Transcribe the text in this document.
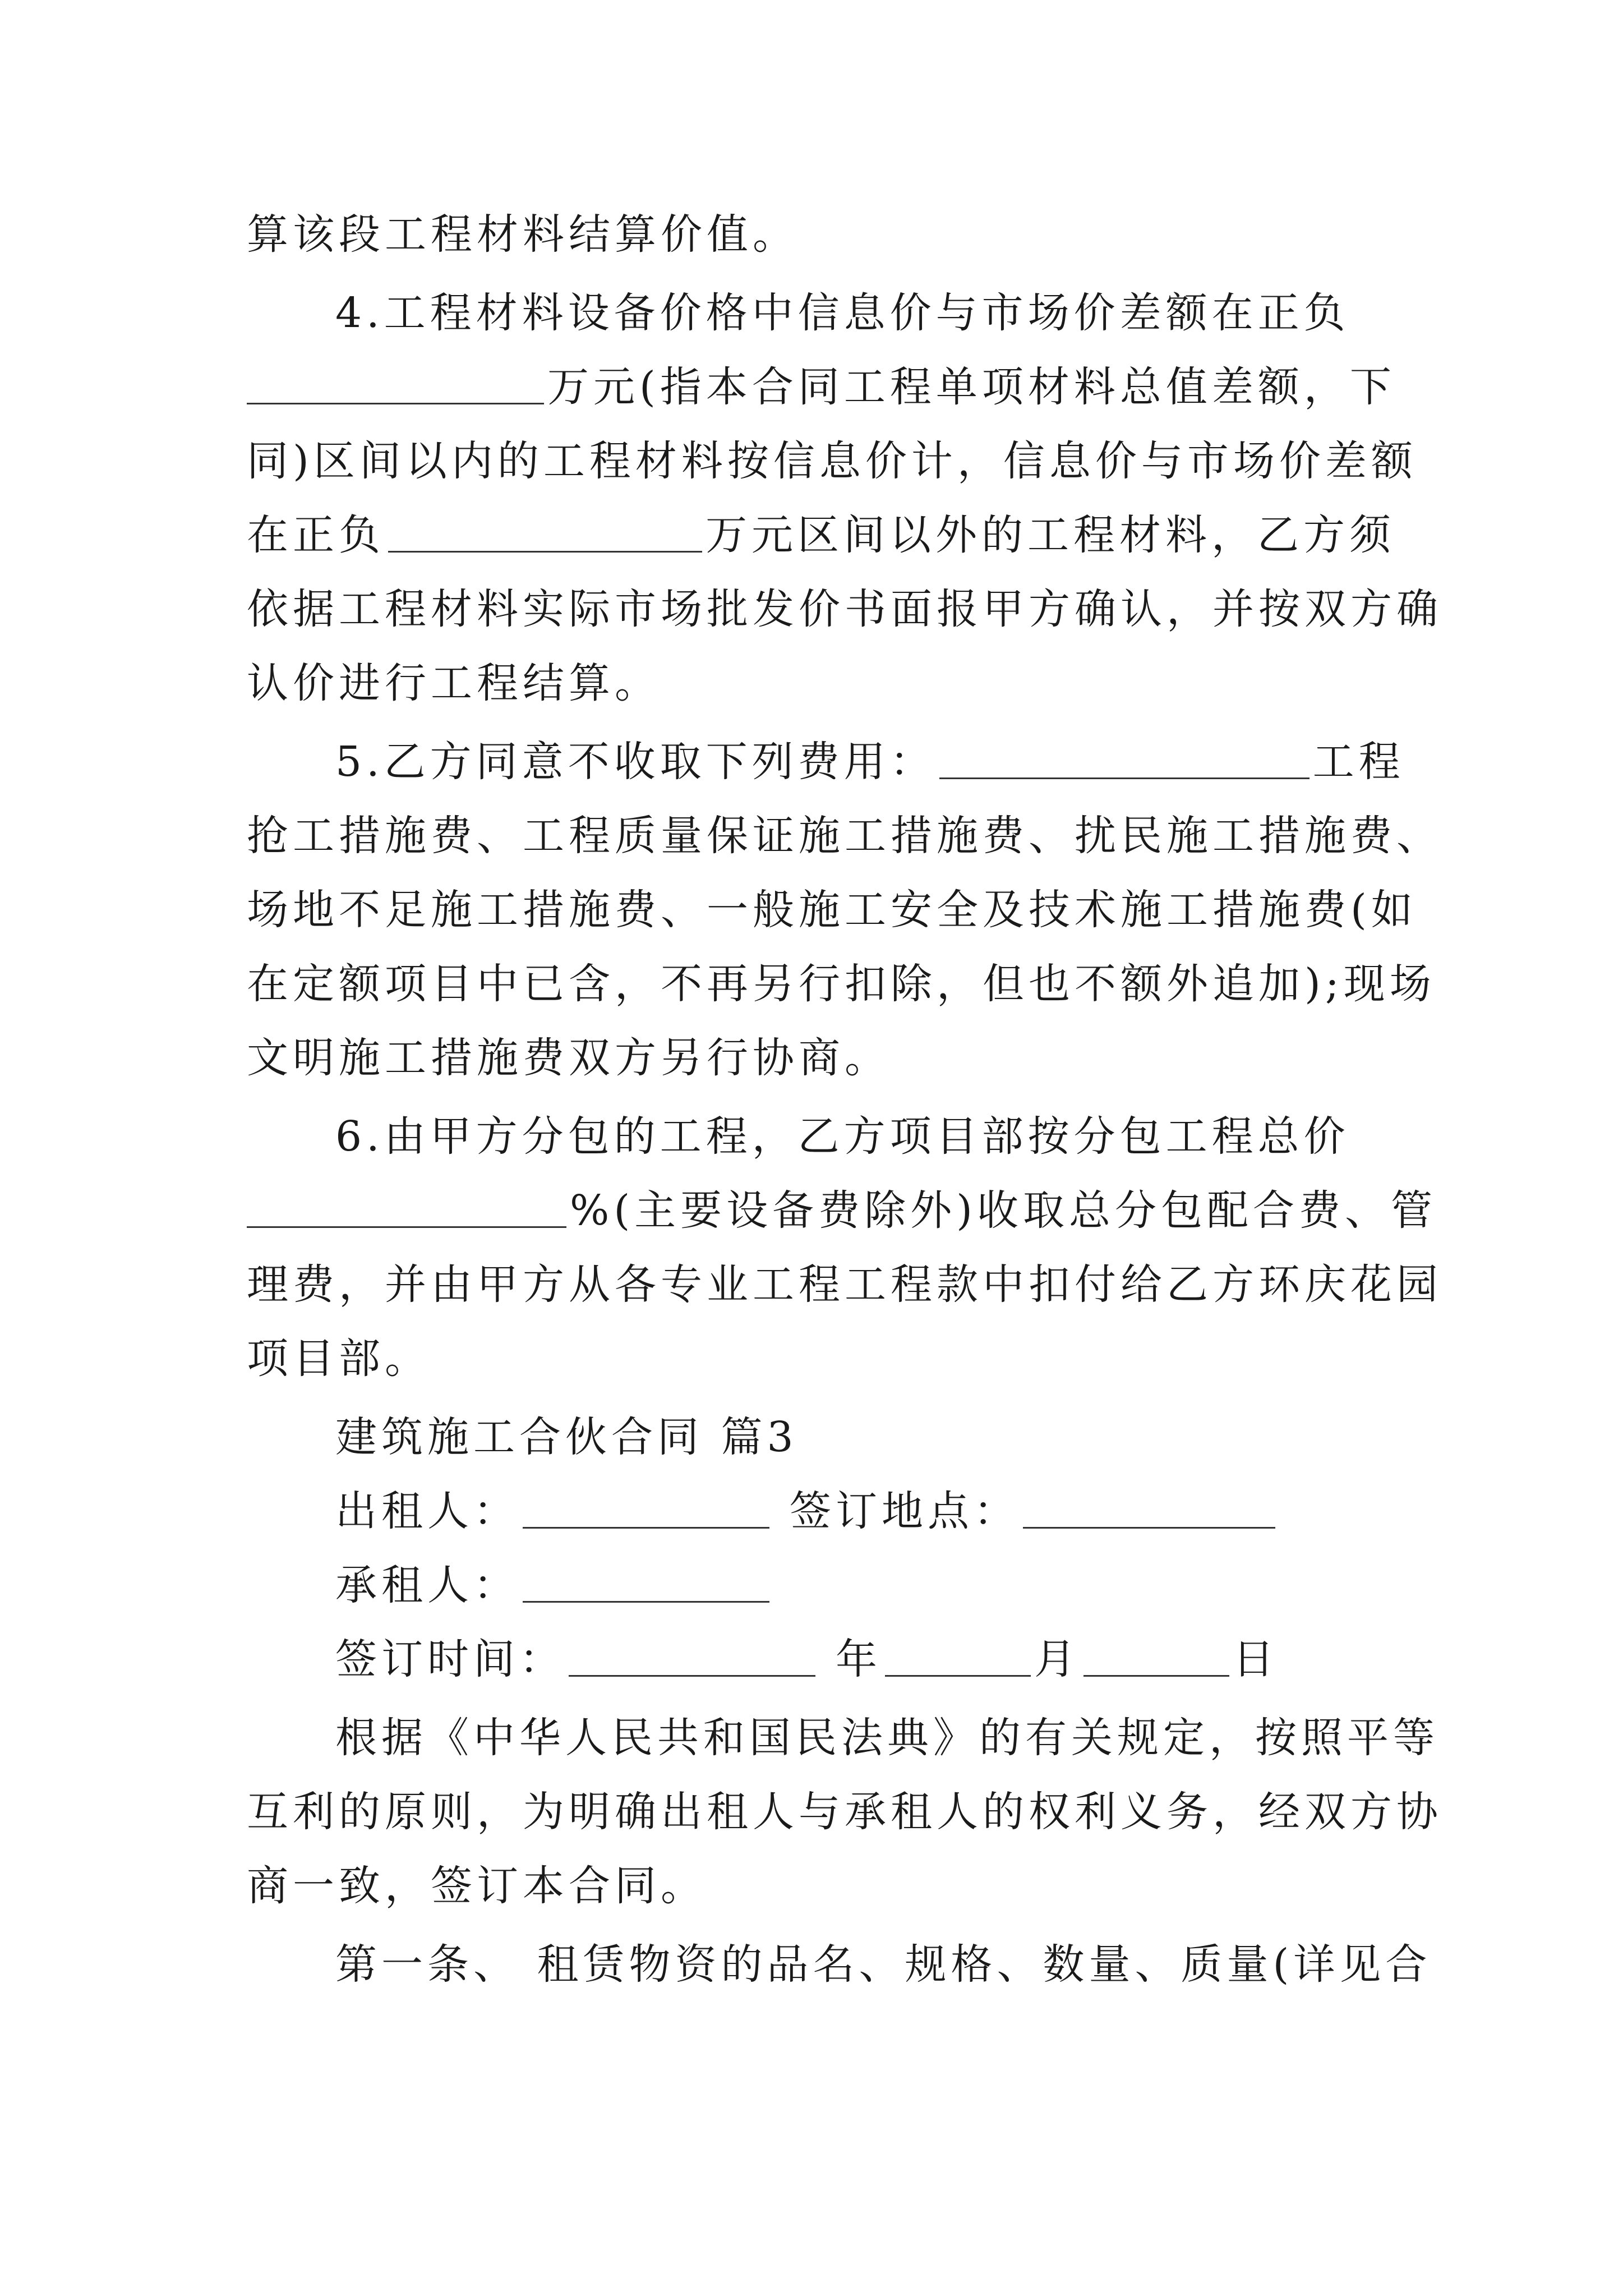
算该段工程材料结算价值。
4.工程材料设备价格中信息价与市场价差额在正负
万元(指本合同工程单项材料总值差额，下
同)区间以内的工程材料按信息价计，信息价与市场价差额
在正负	万元区间以外的工程材料，乙方须
依据工程材料实际市场批发价书面报甲方确认，并按双方确
认价进行工程结算。
5.乙方同意不收取下列费用：	工程
抢工措施费、工程质量保证施工措施费、扰民施工措施费、
场地不足施工措施费、一般施工安全及技术施工措施费(如
在定额项目中已含，不再另行扣除，但也不额外追加);现场
文明施工措施费双方另行协商。
6.由甲方分包的工程，乙方项目部按分包工程总价
%(主要设备费除外)收取总分包配合费、管
理费，并由甲方从各专业工程工程款中扣付给乙方环庆花园
项目部。
建筑施工合伙合同 篇3
出租人：	签订地点：
承租人：
签订时间：	年	月	日
根据《中华人民共和国民法典》的有关规定，按照平等
互利的原则，为明确出租人与承租人的权利义务，经双方协
商一致，签订本合同。
第一条、 租赁物资的品名、规格、数量、质量(详见合
